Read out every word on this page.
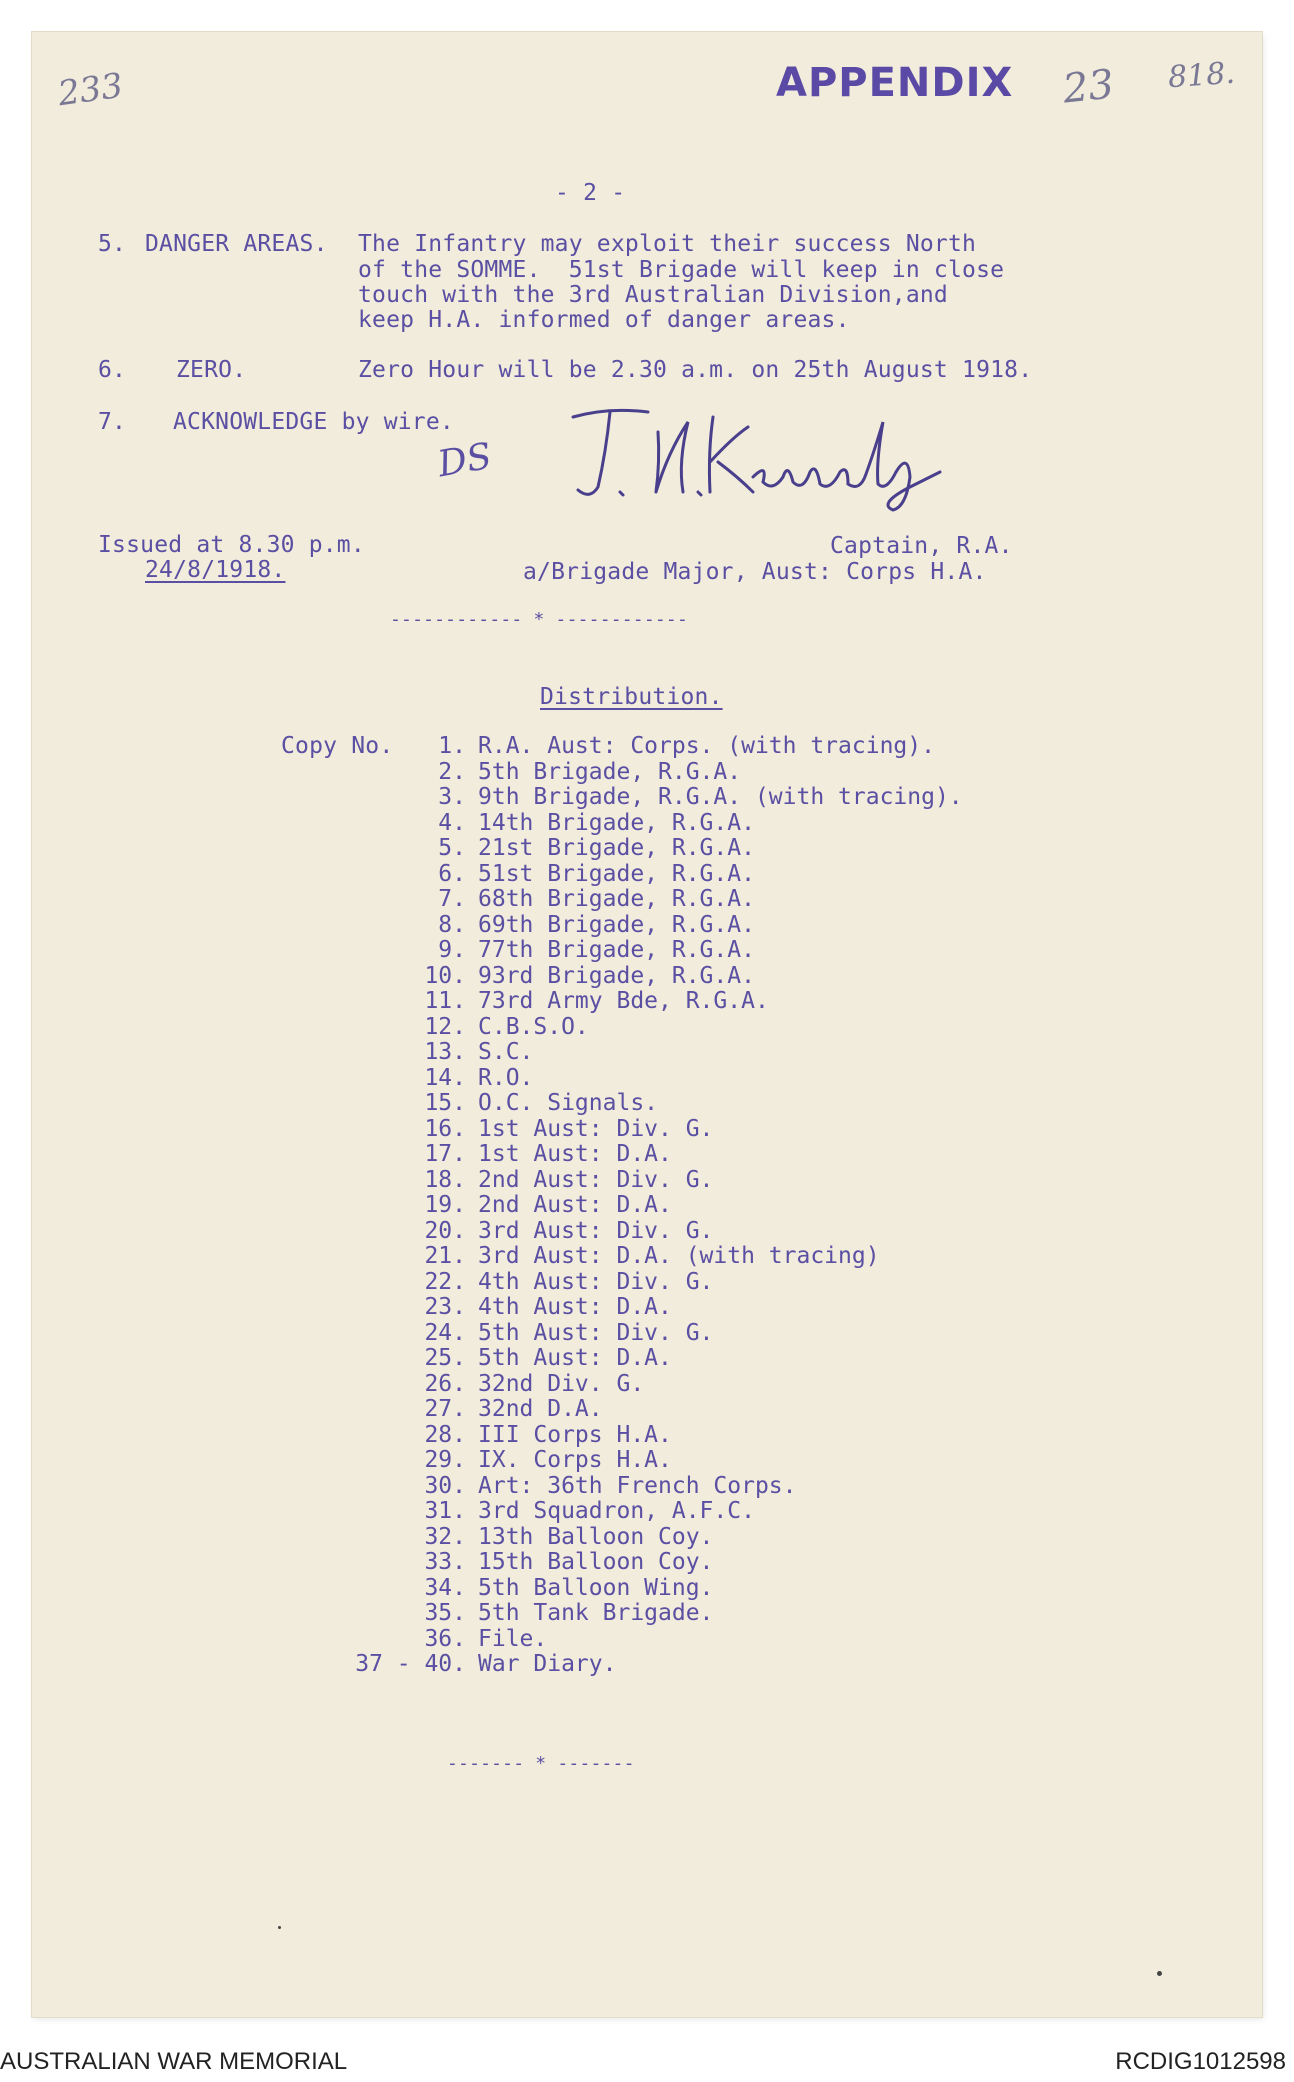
233	APPENDIX 23 818.
- 2 -
5. DANGER AREAS. The Infantry may exploit their success North
of the SOMME.  51st Brigade will keep in close
touch with the 3rd Australian Division,and
keep H.A. informed of danger areas.
6. ZERO.	Zero Hour will be 2.30 a.m. on 25th August 1918.
7. ACKNOWLEDGE by wire.
DS
Issued at 8.30 p.m.
24/8/1918.
Captain, R.A.
a/Brigade Major, Aust: Corps H.A.
------------ * ------------
Distribution.
Copy No.	1. R.A. Aust: Corps. (with tracing).
2. 5th Brigade, R.G.A.
3. 9th Brigade, R.G.A. (with tracing).
4. 14th Brigade, R.G.A.
5. 21st Brigade, R.G.A.
6. 51st Brigade, R.G.A.
7. 68th Brigade, R.G.A.
8. 69th Brigade, R.G.A.
9. 77th Brigade, R.G.A.
10. 93rd Brigade, R.G.A.
11. 73rd Army Bde, R.G.A.
12. C.B.S.O.
13. S.C.
14. R.O.
15. O.C. Signals.
16. 1st Aust: Div. G.
17. 1st Aust: D.A.
18. 2nd Aust: Div. G.
19. 2nd Aust: D.A.
20. 3rd Aust: Div. G.
21. 3rd Aust: D.A. (with tracing)
22. 4th Aust: Div. G.
23. 4th Aust: D.A.
24. 5th Aust: Div. G.
25. 5th Aust: D.A.
26. 32nd Div. G.
27. 32nd D.A.
28. III Corps H.A.
29. IX. Corps H.A.
30. Art: 36th French Corps.
31. 3rd Squadron, A.F.C.
32. 13th Balloon Coy.
33. 15th Balloon Coy.
34. 5th Balloon Wing.
35. 5th Tank Brigade.
36. File.
37 - 40. War Diary.
------- * -------
AUSTRALIAN WAR MEMORIAL	RCDIG1012598
